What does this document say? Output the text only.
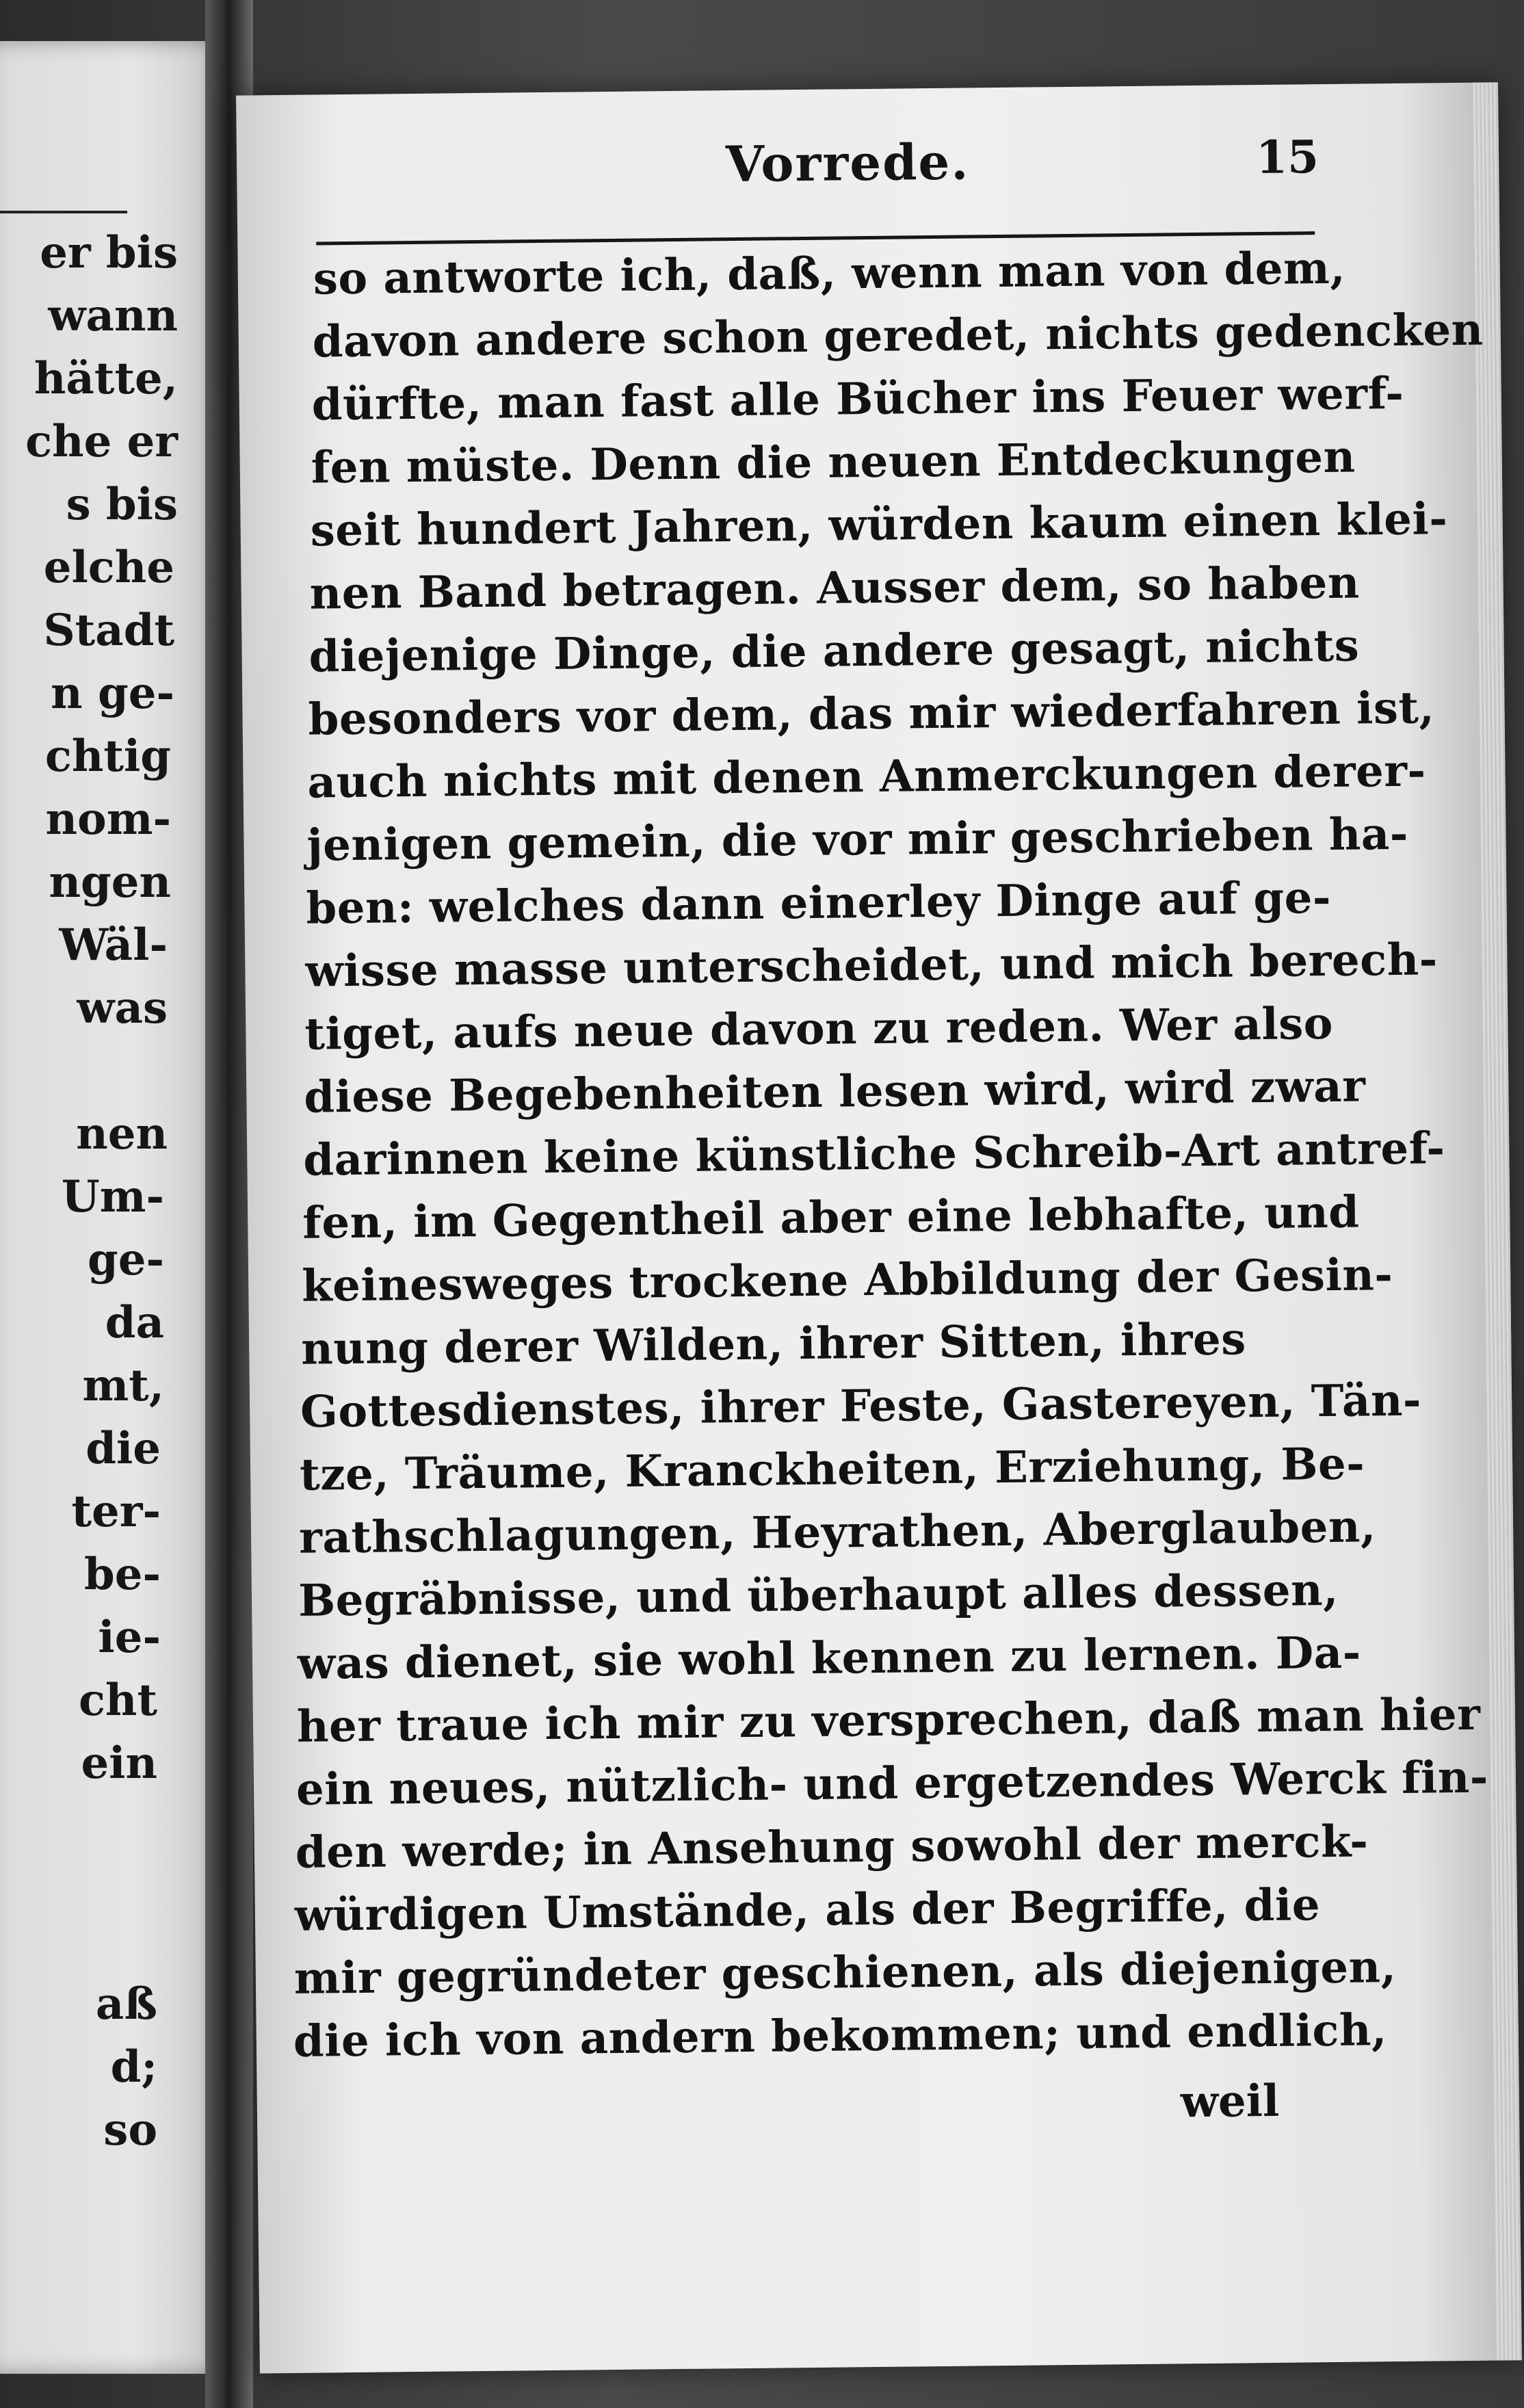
er bis
wann
hätte,
che er
s bis
elche
Stadt
n ge-
chtig
nom-
ngen
Wäl-
was
nen
Um-
ge-
da
mt,
die
ter-
be-
ie-
cht
ein
aß
d;
so
Vorrede.	15
so antworte ich, daß, wenn man von dem,
davon andere schon geredet, nichts gedencken
dürfte, man fast alle Bücher ins Feuer werf-
fen müste. Denn die neuen Entdeckungen
seit hundert Jahren, würden kaum einen klei-
nen Band betragen. Ausser dem, so haben
diejenige Dinge, die andere gesagt, nichts
besonders vor dem, das mir wiederfahren ist,
auch nichts mit denen Anmerckungen derer-
jenigen gemein, die vor mir geschrieben ha-
ben: welches dann einerley Dinge auf ge-
wisse masse unterscheidet, und mich berech-
tiget, aufs neue davon zu reden. Wer also
diese Begebenheiten lesen wird, wird zwar
darinnen keine künstliche Schreib-Art antref-
fen, im Gegentheil aber eine lebhafte, und
keinesweges trockene Abbildung der Gesin-
nung derer Wilden, ihrer Sitten, ihres
Gottesdienstes, ihrer Feste, Gastereyen, Tän-
tze, Träume, Kranckheiten, Erziehung, Be-
rathschlagungen, Heyrathen, Aberglauben,
Begräbnisse, und überhaupt alles dessen,
was dienet, sie wohl kennen zu lernen. Da-
her traue ich mir zu versprechen, daß man hier
ein neues, nützlich- und ergetzendes Werck fin-
den werde; in Ansehung sowohl der merck-
würdigen Umstände, als der Begriffe, die
mir gegründeter geschienen, als diejenigen,
die ich von andern bekommen; und endlich,
weil
